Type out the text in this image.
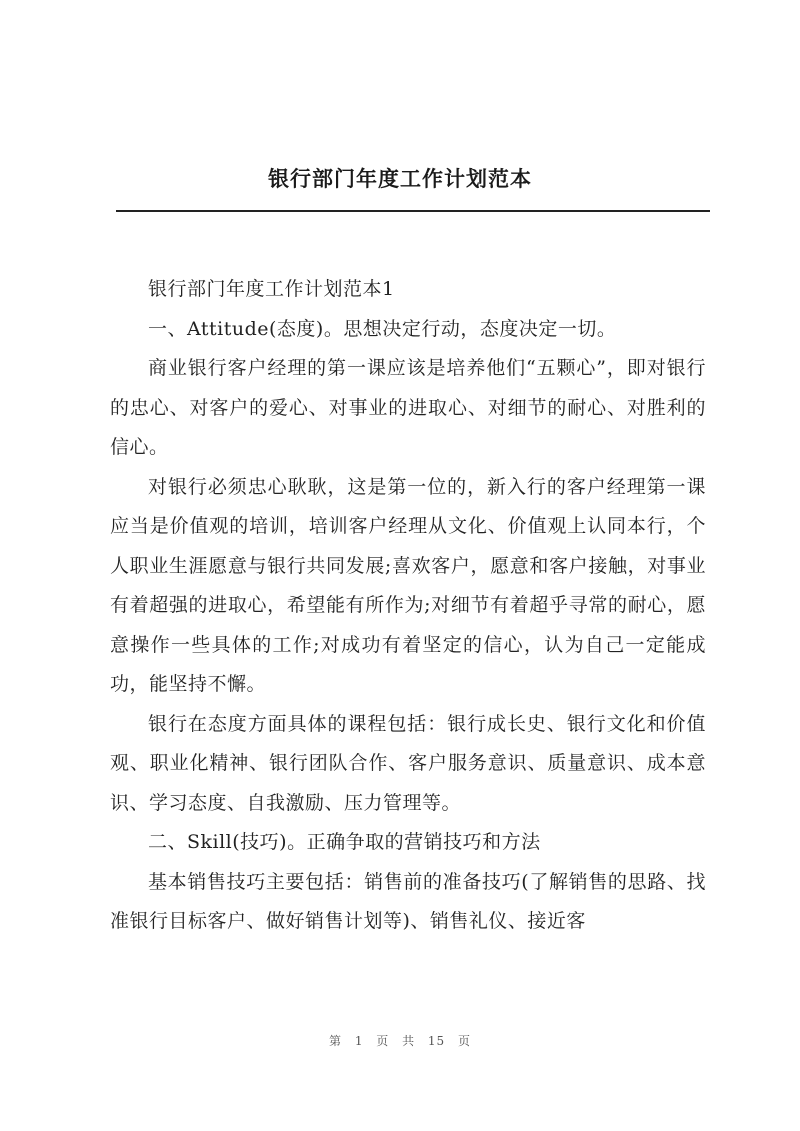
银行部门年度工作计划范本

银行部门年度工作计划范本1

一、Attitude(态度)。思想决定行动，态度决定一切。

商业银行客户经理的第一课应该是培养他们“五颗心”，即对银行的忠心、对客户的爱心、对事业的进取心、对细节的耐心、对胜利的信心。

对银行必须忠心耿耿，这是第一位的，新入行的客户经理第一课应当是价值观的培训，培训客户经理从文化、价值观上认同本行，个人职业生涯愿意与银行共同发展;喜欢客户，愿意和客户接触，对事业有着超强的进取心，希望能有所作为;对细节有着超乎寻常的耐心，愿意操作一些具体的工作;对成功有着坚定的信心，认为自己一定能成功，能坚持不懈。

银行在态度方面具体的课程包括：银行成长史、银行文化和价值观、职业化精神、银行团队合作、客户服务意识、质量意识、成本意识、学习态度、自我激励、压力管理等。

二、Skill(技巧)。正确争取的营销技巧和方法

基本销售技巧主要包括：销售前的准备技巧(了解销售的思路、找准银行目标客户、做好销售计划等)、销售礼仪、接近客

第 1 页 共 15 页
